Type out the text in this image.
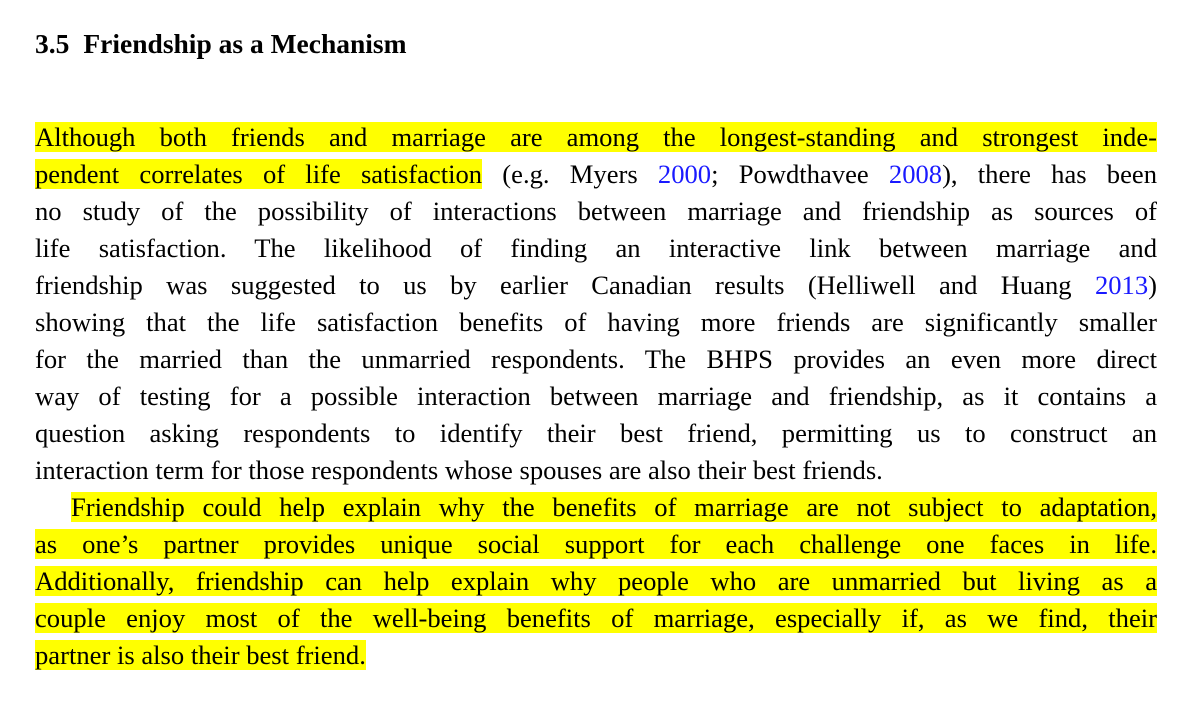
3.5 Friendship as a Mechanism
Although both friends and marriage are among the longest-standing and strongest inde-
pendent correlates of life satisfaction (e.g. Myers 2000; Powdthavee 2008), there has been
no study of the possibility of interactions between marriage and friendship as sources of
life satisfaction. The likelihood of finding an interactive link between marriage and
friendship was suggested to us by earlier Canadian results (Helliwell and Huang 2013)
showing that the life satisfaction benefits of having more friends are significantly smaller
for the married than the unmarried respondents. The BHPS provides an even more direct
way of testing for a possible interaction between marriage and friendship, as it contains a
question asking respondents to identify their best friend, permitting us to construct an
interaction term for those respondents whose spouses are also their best friends.
Friendship could help explain why the benefits of marriage are not subject to adaptation,
as one’s partner provides unique social support for each challenge one faces in life.
Additionally, friendship can help explain why people who are unmarried but living as a
couple enjoy most of the well-being benefits of marriage, especially if, as we find, their
partner is also their best friend.
